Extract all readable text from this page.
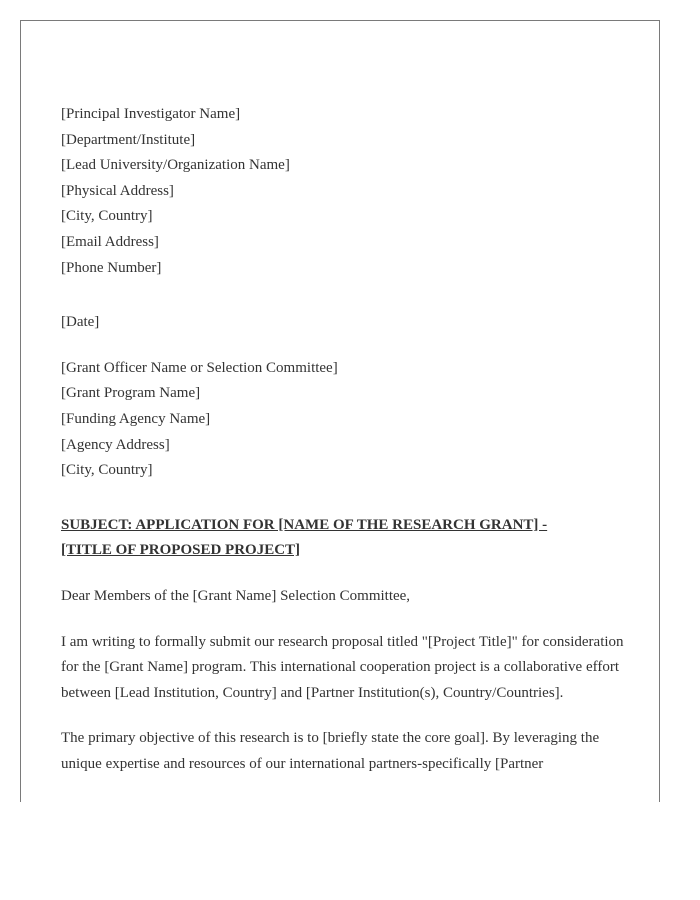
[Principal Investigator Name]
[Department/Institute]
[Lead University/Organization Name]
[Physical Address]
[City, Country]
[Email Address]
[Phone Number]
[Date]
[Grant Officer Name or Selection Committee]
[Grant Program Name]
[Funding Agency Name]
[Agency Address]
[City, Country]
SUBJECT: APPLICATION FOR [NAME OF THE RESEARCH GRANT] -
[TITLE OF PROPOSED PROJECT]

Dear Members of the [Grant Name] Selection Committee,

I am writing to formally submit our research proposal titled "[Project Title]" for consideration for the [Grant Name] program. This international cooperation project is a collaborative effort between [Lead Institution, Country] and [Partner Institution(s), Country/Countries].

The primary objective of this research is to [briefly state the core goal]. By leveraging the unique expertise and resources of our international partners-specifically [Partner
